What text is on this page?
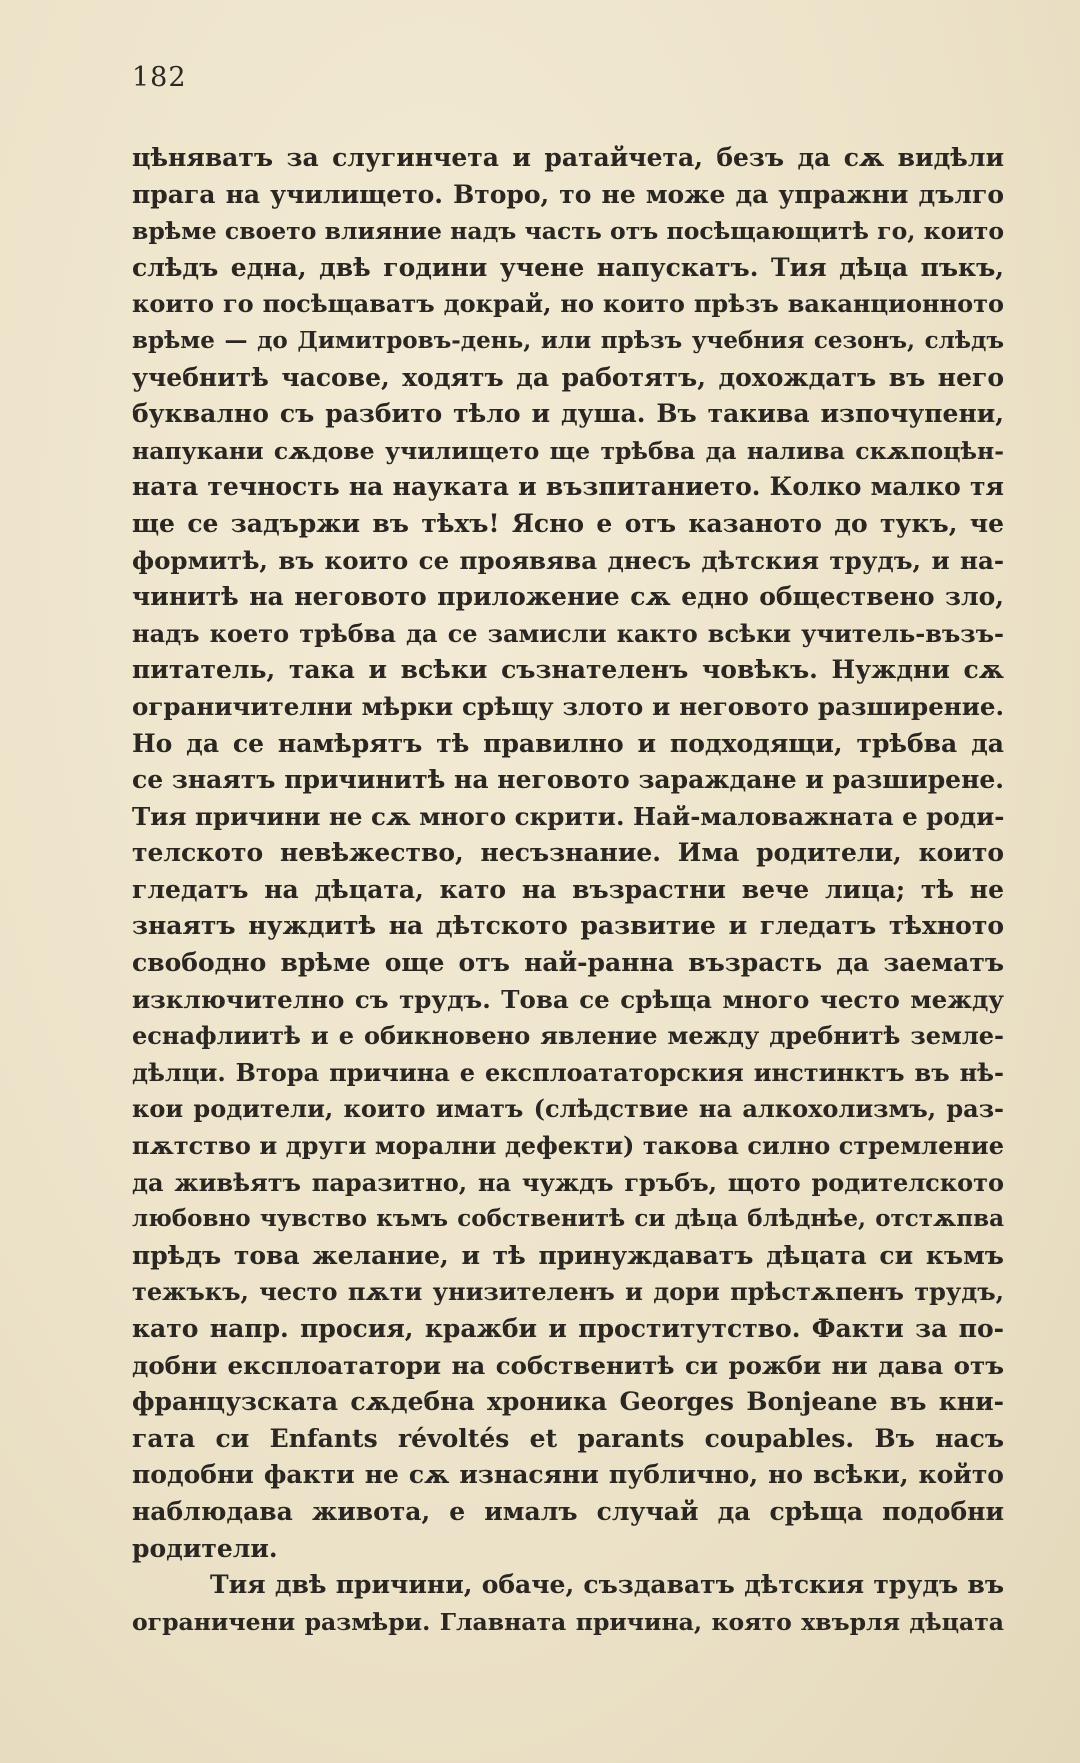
182
цѣняватъ за слугинчета и ратайчета, безъ да сѫ видѣли
прага на училището. Второ, то не може да упражни дълго
врѣме своето влияние надъ часть отъ посѣщающитѣ го, които
слѣдъ една, двѣ години учене напускатъ. Тия дѣца пъкъ,
които го посѣщаватъ докрай, но които прѣзъ ваканционното
врѣме — до Димитровъ-день, или прѣзъ учебния сезонъ, слѣдъ
учебнитѣ часове, ходятъ да работятъ, дохождатъ въ него
буквално съ разбито тѣло и душа. Въ такива изпочупени,
напукани сѫдове училището ще трѣбва да налива скѫпоцѣн-
ната течность на науката и възпитанието. Колко малко тя
ще се задържи въ тѣхъ! Ясно е отъ казаното до тукъ, че
формитѣ, въ които се проявява днесъ дѣтския трудъ, и на-
чинитѣ на неговото приложение сѫ едно обществено зло,
надъ което трѣбва да се замисли както всѣки учитель-възъ-
питатель, така и всѣки съзнателенъ човѣкъ. Нуждни сѫ
ограничителни мѣрки срѣщу злото и неговото разширение.
Но да се намѣрятъ тѣ правилно и подходящи, трѣбва да
се знаятъ причинитѣ на неговото зараждане и разширене.
Тия причини не сѫ много скрити. Най-маловажната е роди-
телското невѣжество, несъзнание. Има родители, които
гледатъ на дѣцата, като на възрастни вече лица; тѣ не
знаятъ нуждитѣ на дѣтското развитие и гледатъ тѣхното
свободно врѣме още отъ най-ранна възрасть да заематъ
изключително съ трудъ. Това се срѣща много често между
еснафлиитѣ и е обикновено явление между дребнитѣ земле-
дѣлци. Втора причина е експлоататорския инстинктъ въ нѣ-
кои родители, които иматъ (слѣдствие на алкохолизмъ, раз-
пѫтство и други морални дефекти) такова силно стремление
да живѣятъ паразитно, на чуждъ гръбъ, щото родителското
любовно чувство къмъ собственитѣ си дѣца блѣднѣе, отстѫпва
прѣдъ това желание, и тѣ принуждаватъ дѣцата си къмъ
тежъкъ, често пѫти унизителенъ и дори прѣстѫпенъ трудъ,
като напр. просия, кражби и проститутство. Факти за по-
добни експлоататори на собственитѣ си рожби ни дава отъ
французската сѫдебна хроника Georges Bonjeane въ кни-
гата си Enfants révoltés et parants coupables. Въ насъ
подобни факти не сѫ изнасяни публично, но всѣки, който
наблюдава живота, е ималъ случай да срѣща подобни
родители.
Тия двѣ причини, обаче, създаватъ дѣтския трудъ въ
ограничени размѣри. Главната причина, която хвърля дѣцата
